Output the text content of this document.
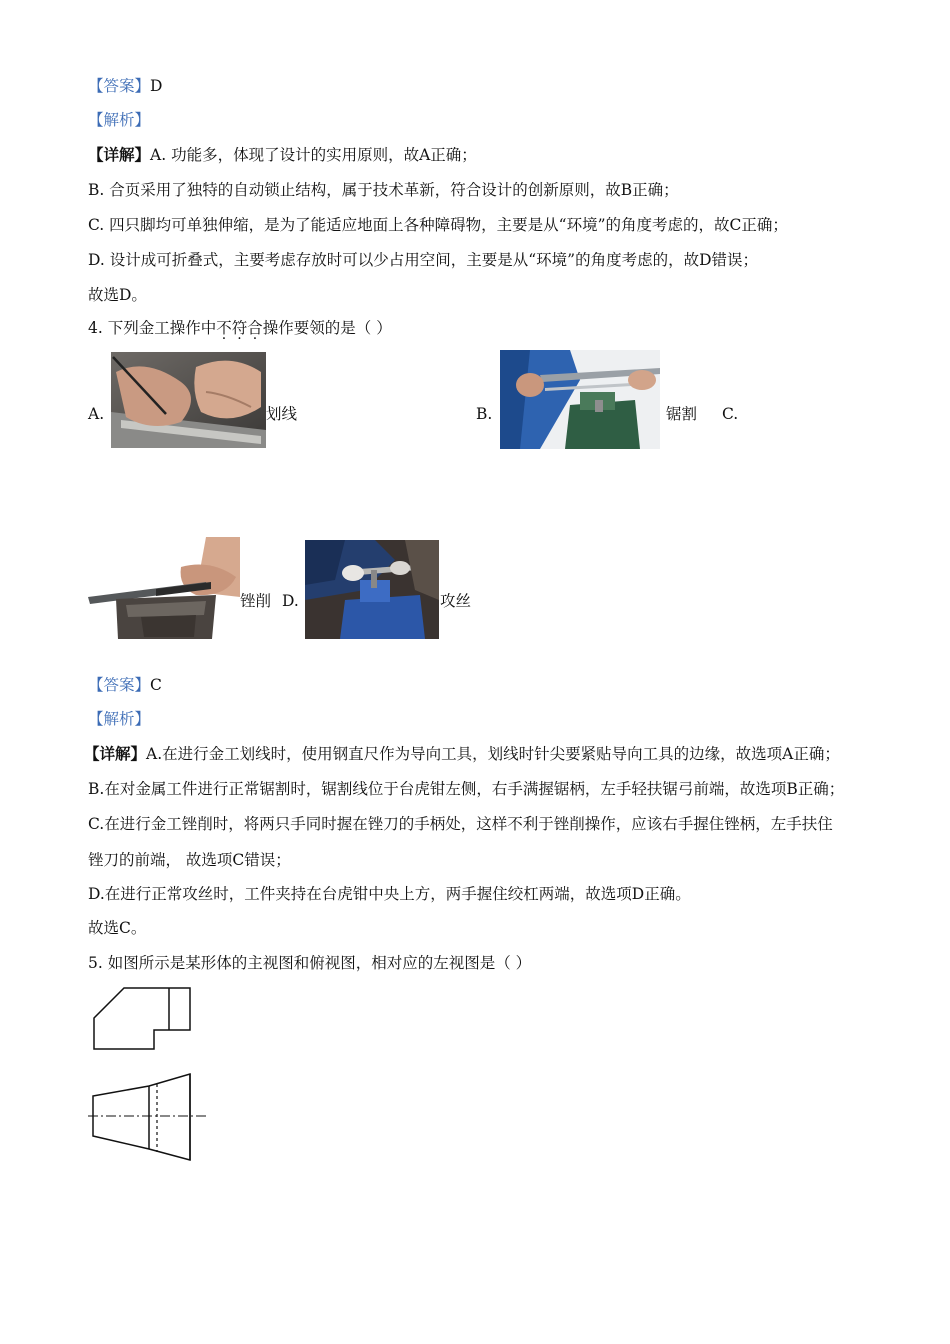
【答案】D
【解析】
【详解】A. 功能多，体现了设计的实用原则，故A正确；
B. 合页采用了独特的自动锁止结构，属于技术革新，符合设计的创新原则，故B正确；
C. 四只脚均可单独伸缩，是为了能适应地面上各种障碍物，主要是从“环境”的角度考虑的，故C正确；
D. 设计成可折叠式，主要考虑存放时可以少占用空间，主要是从“环境”的角度考虑的，故D错误；
故选D。
4. 下列金工操作中不符合操作要领的是（ ）
A.	划线	B.	锯割 C.
锉削 D.	攻丝
【答案】C
【解析】
【详解】A.在进行金工划线时，使用钢直尺作为导向工具，划线时针尖要紧贴导向工具的边缘，故选项A正确；
B.在对金属工件进行正常锯割时，锯割线位于台虎钳左侧，右手满握锯柄，左手轻扶锯弓前端，故选项B正确；
C.在进行金工锉削时，将两只手同时握在锉刀的手柄处，这样不利于锉削操作，应该右手握住锉柄，左手扶住
锉刀的前端， 故选项C错误；
D.在进行正常攻丝时，工件夹持在台虎钳中央上方，两手握住绞杠两端，故选项D正确。
故选C。
5. 如图所示是某形体的主视图和俯视图，相对应的左视图是（ ）
